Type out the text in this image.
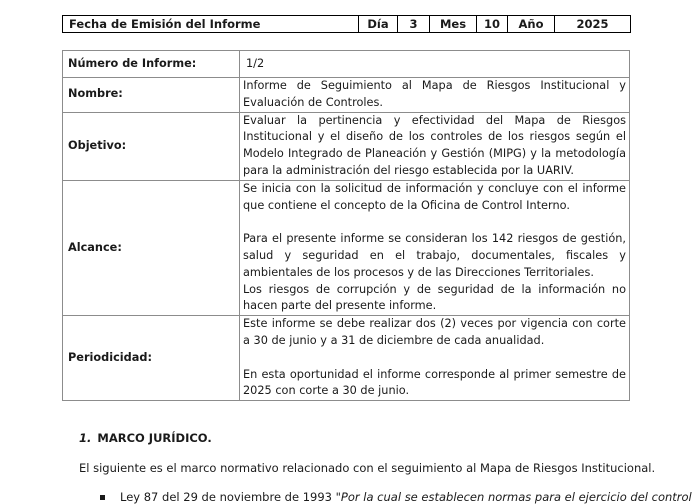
Fecha de Emisión del Informe	Día	3	Mes	10	Año	2025
Número de Informe:	1/2
Nombre:	Informe de Seguimiento al Mapa de Riesgos Institucional y Evaluación de Controles.

Objetivo:	Evaluar la pertinencia y efectividad del Mapa de Riesgos Institucional y el diseño de los controles de los riesgos según el Modelo Integrado de Planeación y Gestión (MIPG) y la metodología para la administración del riesgo establecida por la UARIV.

Alcance:	Se inicia con la solicitud de información y concluye con el informe que contiene el concepto de la Oficina de Control Interno.
Para el presente informe se consideran los 142 riesgos de gestión, salud y seguridad en el trabajo, documentales, fiscales y ambientales de los procesos y de las Direcciones Territoriales.
Los riesgos de corrupción y de seguridad de la información no hacen parte del presente informe.

Periodicidad:	Este informe se debe realizar dos (2) veces por vigencia con corte a 30 de junio y a 31 de diciembre de cada anualidad.
En esta oportunidad el informe corresponde al primer semestre de 2025 con corte a 30 de junio.
1. MARCO JURÍDICO.
El siguiente es el marco normativo relacionado con el seguimiento al Mapa de Riesgos Institucional.
Ley 87 del 29 de noviembre de 1993 "Por la cual se establecen normas para el ejercicio del control
